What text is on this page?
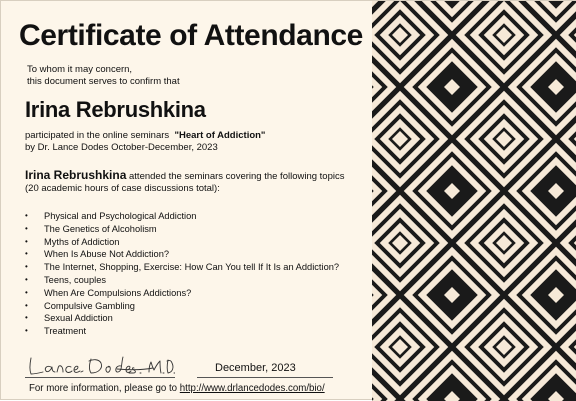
Certificate of Attendance
To whom it may concern,
this document serves to confirm that
Irina Rebrushkina
participated in the online seminars "Heart of Addiction"
by Dr. Lance Dodes October-December, 2023
Irina Rebrushkina attended the seminars covering the following topics
(20 academic hours of case discussions total):
• Physical and Psychological Addiction
• The Genetics of Alcoholism
• Myths of Addiction
• When Is Abuse Not Addiction?
• The Internet, Shopping, Exercise: How Can You tell If It Is an Addiction?
• Teens, couples
• When Are Compulsions Addictions?
• Compulsive Gambling
• Sexual Addiction
• Treatment
December, 2023
For more information, please go to http://www.drlancedodes.com/bio/
